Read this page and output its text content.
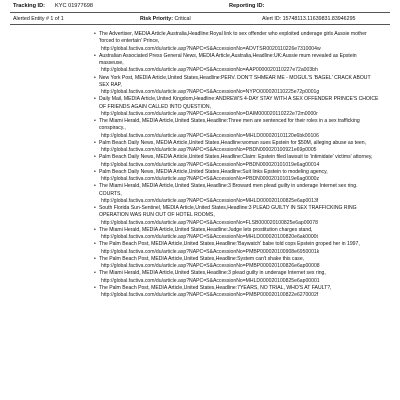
Tracking ID: KYC 01977698	Reporting ID:
Alerted Entity # 1 of 1	Risk Priority: Critical	Alert ID: 15748113.11639831.83946295
• The Advertiser, MEDIA Article,Australia,Headline:Royal link to sex offender who exploited underage girls Aussie mother 'forced to entertain' Prince,
http://global.factiva.com/du/article.asp?NAPC=S&AccessionNo=ADVTSR0020110226e7310004w
• Australian Associated Press General News, MEDIA Article,Australia,Headline:UK:Aussie mum revealed as Epstein masseuse,
http://global.factiva.com/du/article.asp?NAPC=S&AccessionNo=AAP0000020110227e72a003bh
• New York Post, MEDIA Article,United States,Headline:PERV. DON'T SHMEAR ME - MOGUL'S 'BAGEL' CRACK ABOUT SEX RAP,
http://global.factiva.com/du/article.asp?NAPC=S&AccessionNo=NYPO000020110225e72p0001g
• Daily Mail, MEDIA Article,United Kingdom,Headline:ANDREW'S 4-DAY STAY WITH A SEX OFFENDER PRINCE'S CHOICE OF FRIENDS AGAIN CALLED INTO QUESTION,
http://global.factiva.com/du/article.asp?NAPC=S&AccessionNo=DAIM000020110222e72m0000r
• The Miami Herald, MEDIA Article,United States,Headline:Three men are sentenced for their roles in a sex trafficking conspiracy.,
http://global.factiva.com/du/article.asp?NAPC=S&AccessionNo=MHLD000020101120e6bk00106
• Palm Beach Daily News, MEDIA Article,United States,Headline:woman sues Epstein for $50M, alleging abuse as teen,
http://global.factiva.com/du/article.asp?NAPC=S&AccessionNo=PBDN000020100921e69p0005
• Palm Beach Daily News, MEDIA Article,United States,Headline:Claim: Epstein filed lawsuit to 'intimidate' victims' attorney,
http://global.factiva.com/du/article.asp?NAPC=S&AccessionNo=PBDN000020101019e6ag00014
• Palm Beach Daily News, MEDIA Article,United States,Headline:Suit links Epstein to modeling agency,
http://global.factiva.com/du/article.asp?NAPC=S&AccessionNo=PBDN000020101019e6ag0000z
• The Miami Herald, MEDIA Article,United States,Headline:3 Broward men plead guilty in underage Internet sex ring. COURTS,
http://global.factiva.com/du/article.asp?NAPC=S&AccessionNo=MHLD000020100825e6ap0013f
• South Florida Sun-Sentinel, MEDIA Article,United States,Headline:3 PLEAD GUILTY IN SEX TRAFFICKING RING OPERATION WAS RUN OUT OF HOTEL ROOMS,
http://global.factiva.com/du/article.asp?NAPC=S&AccessionNo=FLSB000020100825e6ap00078
• The Miami Herald, MEDIA Article,United States,Headline:Judge lets prostitution charges stand,
http://global.factiva.com/du/article.asp?NAPC=S&AccessionNo=MHLD000020100820e6ak0000t
• The Palm Beach Post, MEDIA Article,United States,Headline:'Baywatch' babe told cops Epstein groped her in 1997,
http://global.factiva.com/du/article.asp?NAPC=S&AccessionNo=PMBP000020100908e6950001k
• The Palm Beach Post, MEDIA Article,United States,Headline:System can't shake this case,
http://global.factiva.com/du/article.asp?NAPC=S&AccessionNo=PMBP000020100826e6ap00008
• The Miami Herald, MEDIA Article,United States,Headline:3 plead guilty in underage Internet sex ring,
http://global.factiva.com/du/article.asp?NAPC=S&AccessionNo=MHLD000020100825e6ap00001
• The Palm Beach Post, MEDIA Article,United States,Headline:7YEARS, NO TRIAL, WHO'S AT FAULT?,
http://global.factiva.com/du/article.asp?NAPC=S&AccessionNo=PMBP000020100822e6270002f
